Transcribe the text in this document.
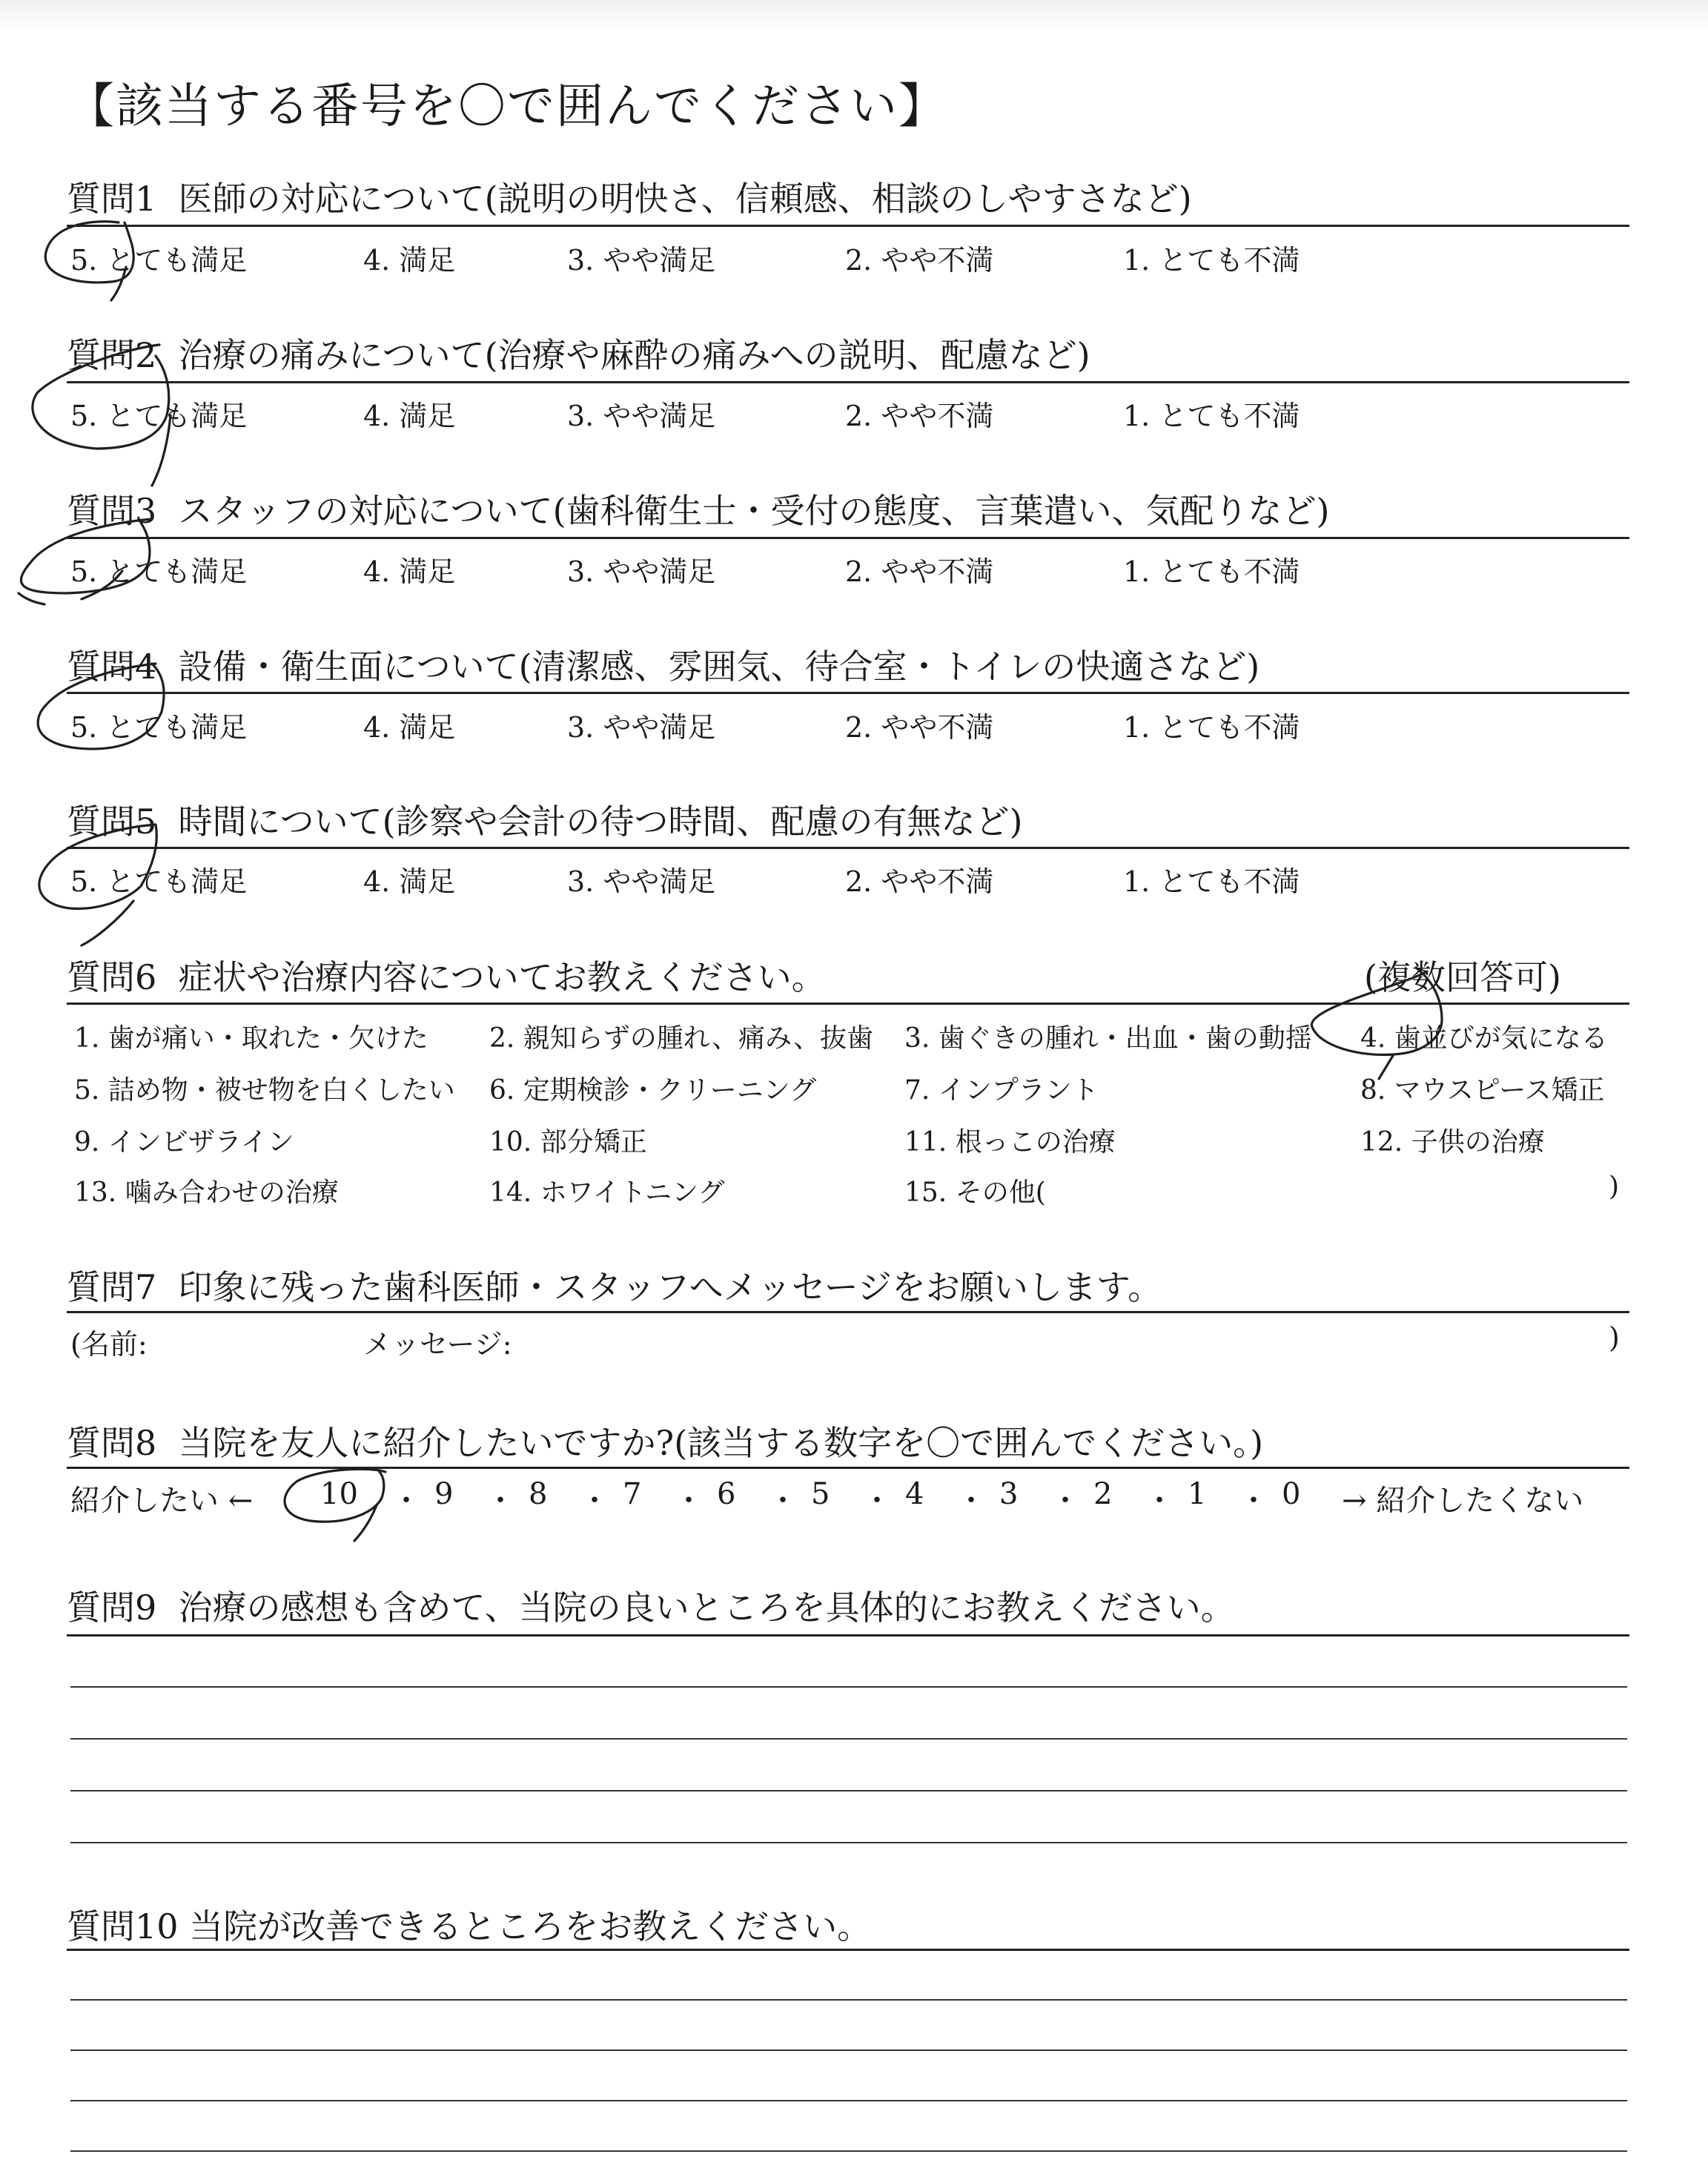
【該当する番号を〇で囲んでください】
質問1 医師の対応について(説明の明快さ、信頼感、相談のしやすさなど)
5. とても満足	4. 満足	3. やや満足	2. やや不満	1. とても不満
質問2 治療の痛みについて(治療や麻酔の痛みへの説明、配慮など)
5. とても満足	4. 満足	3. やや満足	2. やや不満	1. とても不満
質問3 スタッフの対応について(歯科衛生士・受付の態度、言葉遣い、気配りなど)
5. とても満足	4. 満足	3. やや満足	2. やや不満	1. とても不満
質問4 設備・衛生面について(清潔感、雰囲気、待合室・トイレの快適さなど)
5. とても満足	4. 満足	3. やや満足	2. やや不満	1. とても不満
質問5 時間について(診察や会計の待つ時間、配慮の有無など)
5. とても満足	4. 満足	3. やや満足	2. やや不満	1. とても不満
質問6 症状や治療内容についてお教えください。	(複数回答可)
1. 歯が痛い・取れた・欠けた 2. 親知らずの腫れ、痛み、抜歯 3. 歯ぐきの腫れ・出血・歯の動揺 4. 歯並びが気になる
5. 詰め物・被せ物を白くしたい 6. 定期検診・クリーニング	7. インプラント	8. マウスピース矯正
9. インビザライン	10. 部分矯正	11. 根っこの治療	12. 子供の治療
13. 噛み合わせの治療	14. ホワイトニング	15. その他(	)
質問7 印象に残った歯科医師・スタッフへメッセージをお願いします。
(名前:	メッセージ:	)
質問8 当院を友人に紹介したいですか?(該当する数字を〇で囲んでください。)
紹介したい ← 10 ・ 9 ・ 8 ・ 7 ・ 6 ・ 5 ・ 4 ・ 3 ・ 2 ・ 1 ・ 0 → 紹介したくない
質問9 治療の感想も含めて、当院の良いところを具体的にお教えください。
質問10 当院が改善できるところをお教えください。
